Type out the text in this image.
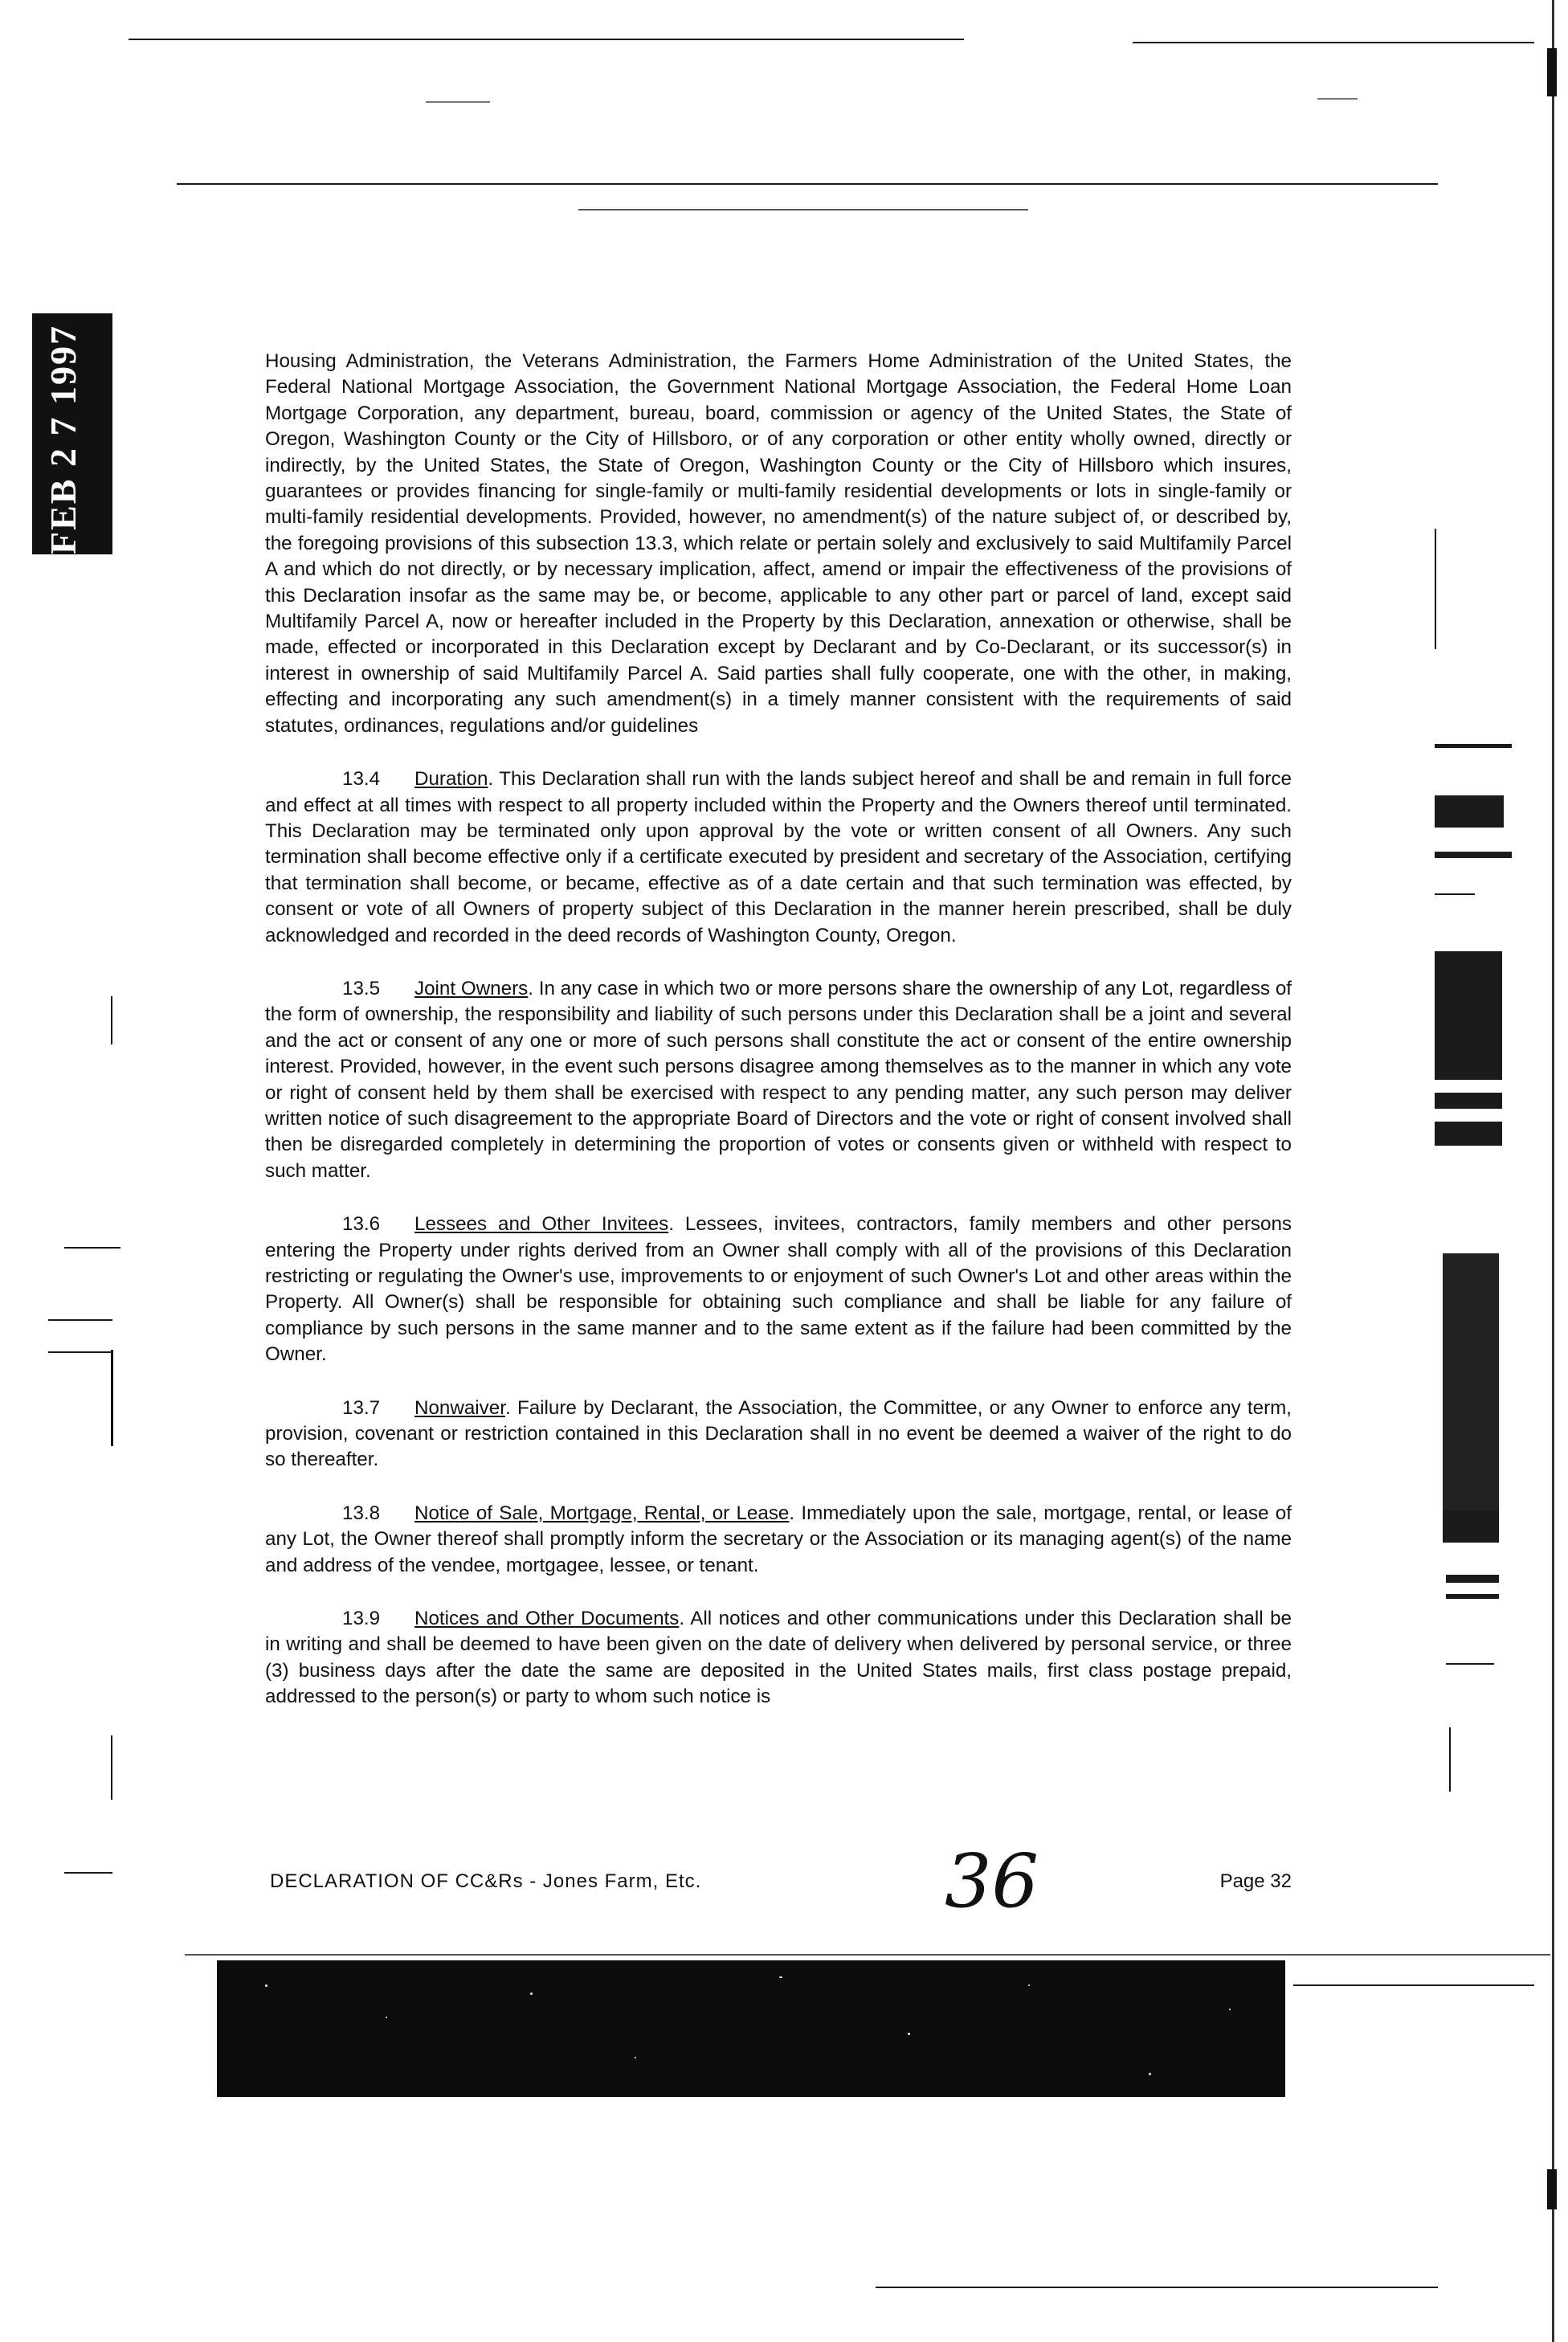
FEB 2 7 1997	Housing Administration, the Veterans Administration, the Farmers Home Administration of the United States, the Federal National Mortgage Association, the Government National Mortgage Association, the Federal Home Loan Mortgage Corporation, any department, bureau, board, commission or agency of the United States, the State of Oregon, Washington County or the City of Hillsboro, or of any corporation or other entity wholly owned, directly or indirectly, by the United States, the State of Oregon, Washington County or the City of Hillsboro which insures, guarantees or provides financing for single-family or multi-family residential developments or lots in single-family or multi-family residential developments. Provided, however, no amendment(s) of the nature subject of, or described by, the foregoing provisions of this subsection 13.3, which relate or pertain solely and exclusively to said Multifamily Parcel A and which do not directly, or by necessary implication, affect, amend or impair the effectiveness of the provisions of this Declaration insofar as the same may be, or become, applicable to any other part or parcel of land, except said Multifamily Parcel A, now or hereafter included in the Property by this Declaration, annexation or otherwise, shall be made, effected or incorporated in this Declaration except by Declarant and by Co-Declarant, or its successor(s) in interest in ownership of said Multifamily Parcel A. Said parties shall fully cooperate, one with the other, in making, effecting and incorporating any such amendment(s) in a timely manner consistent with the requirements of said statutes, ordinances, regulations and/or guidelines

13.4 Duration. This Declaration shall run with the lands subject hereof and shall be and remain in full force and effect at all times with respect to all property included within the Property and the Owners thereof until terminated. This Declaration may be terminated only upon approval by the vote or written consent of all Owners. Any such termination shall become effective only if a certificate executed by president and secretary of the Association, certifying that termination shall become, or became, effective as of a date certain and that such termination was effected, by consent or vote of all Owners of property subject of this Declaration in the manner herein prescribed, shall be duly acknowledged and recorded in the deed records of Washington County, Oregon.

13.5 Joint Owners. In any case in which two or more persons share the ownership of any Lot, regardless of the form of ownership, the responsibility and liability of such persons under this Declaration shall be a joint and several and the act or consent of any one or more of such persons shall constitute the act or consent of the entire ownership interest. Provided, however, in the event such persons disagree among themselves as to the manner in which any vote or right of consent held by them shall be exercised with respect to any pending matter, any such person may deliver written notice of such disagreement to the appropriate Board of Directors and the vote or right of consent involved shall then be disregarded completely in determining the proportion of votes or consents given or withheld with respect to such matter.

13.6 Lessees and Other Invitees. Lessees, invitees, contractors, family members and other persons entering the Property under rights derived from an Owner shall comply with all of the provisions of this Declaration restricting or regulating the Owner's use, improvements to or enjoyment of such Owner's Lot and other areas within the Property. All Owner(s) shall be responsible for obtaining such compliance and shall be liable for any failure of compliance by such persons in the same manner and to the same extent as if the failure had been committed by the Owner.

13.7 Nonwaiver. Failure by Declarant, the Association, the Committee, or any Owner to enforce any term, provision, covenant or restriction contained in this Declaration shall in no event be deemed a waiver of the right to do so thereafter.

13.8 Notice of Sale, Mortgage, Rental, or Lease. Immediately upon the sale, mortgage, rental, or lease of any Lot, the Owner thereof shall promptly inform the secretary or the Association or its managing agent(s) of the name and address of the vendee, mortgagee, lessee, or tenant.

13.9 Notices and Other Documents. All notices and other communications under this Declaration shall be in writing and shall be deemed to have been given on the date of delivery when delivered by personal service, or three (3) business days after the date the same are deposited in the United States mails, first class postage prepaid, addressed to the person(s) or party to whom such notice is

DECLARATION OF CC&Rs - Jones Farm, Etc.	36	Page 32
